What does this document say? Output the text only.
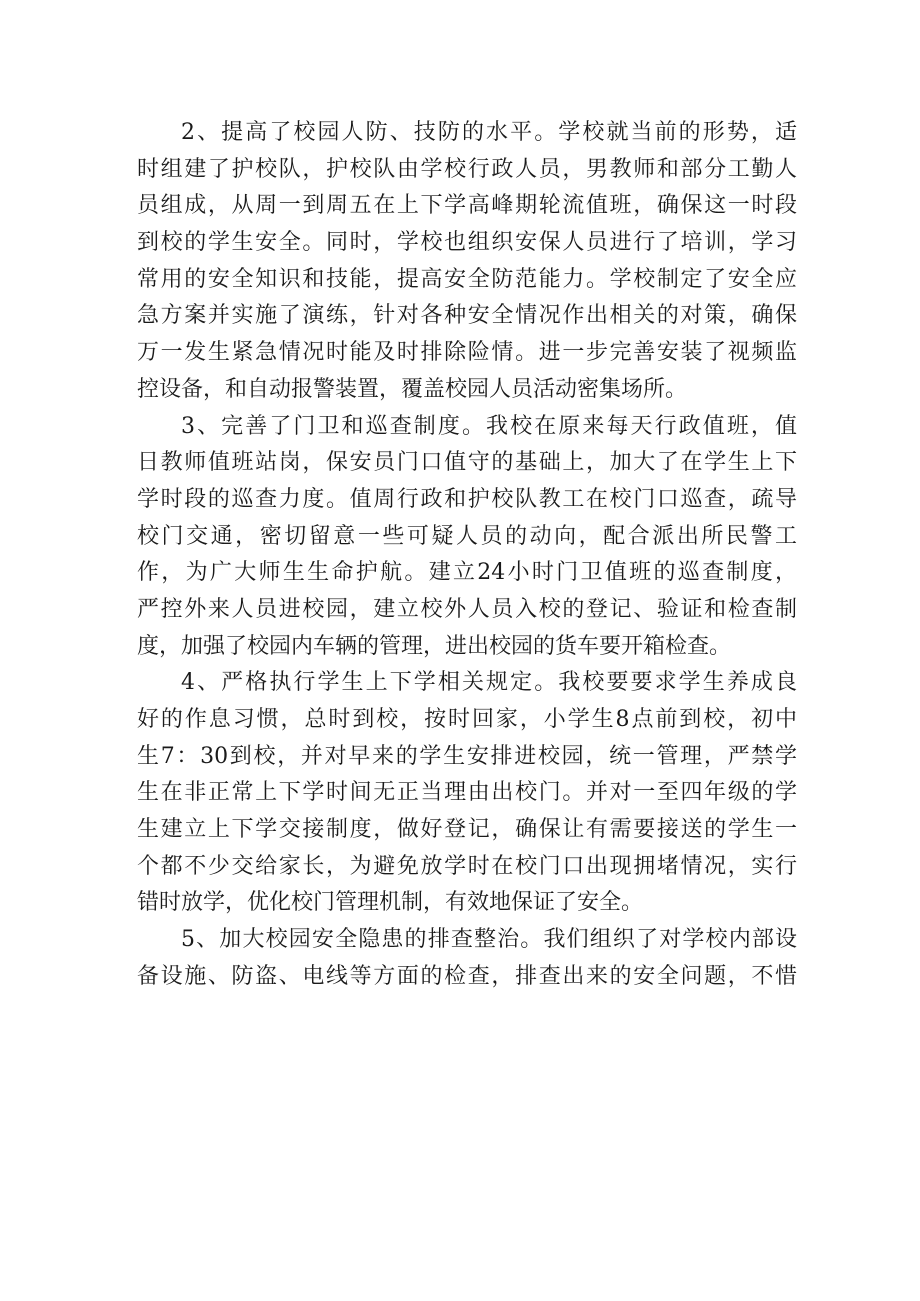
2、提高了校园人防、技防的水平。学校就当前的形势，适
时组建了护校队，护校队由学校行政人员，男教师和部分工勤人
员组成，从周一到周五在上下学高峰期轮流值班，确保这一时段
到校的学生安全。同时，学校也组织安保人员进行了培训，学习
常用的安全知识和技能，提高安全防范能力。学校制定了安全应
急方案并实施了演练，针对各种安全情况作出相关的对策，确保
万一发生紧急情况时能及时排除险情。进一步完善安装了视频监
控设备，和自动报警装置，覆盖校园人员活动密集场所。
3、完善了门卫和巡查制度。我校在原来每天行政值班，值
日教师值班站岗，保安员门口值守的基础上，加大了在学生上下
学时段的巡查力度。值周行政和护校队教工在校门口巡查，疏导
校门交通，密切留意一些可疑人员的动向，配合派出所民警工
作，为广大师生生命护航。建立24小时门卫值班的巡查制度，
严控外来人员进校园，建立校外人员入校的登记、验证和检查制
度，加强了校园内车辆的管理，进出校园的货车要开箱检查。
4、严格执行学生上下学相关规定。我校要要求学生养成良
好的作息习惯，总时到校，按时回家，小学生8点前到校，初中
生7：30到校，并对早来的学生安排进校园，统一管理，严禁学
生在非正常上下学时间无正当理由出校门。并对一至四年级的学
生建立上下学交接制度，做好登记，确保让有需要接送的学生一
个都不少交给家长，为避免放学时在校门口出现拥堵情况，实行
错时放学，优化校门管理机制，有效地保证了安全。
5、加大校园安全隐患的排查整治。我们组织了对学校内部设
备设施、防盗、电线等方面的检查，排查出来的安全问题，不惜
